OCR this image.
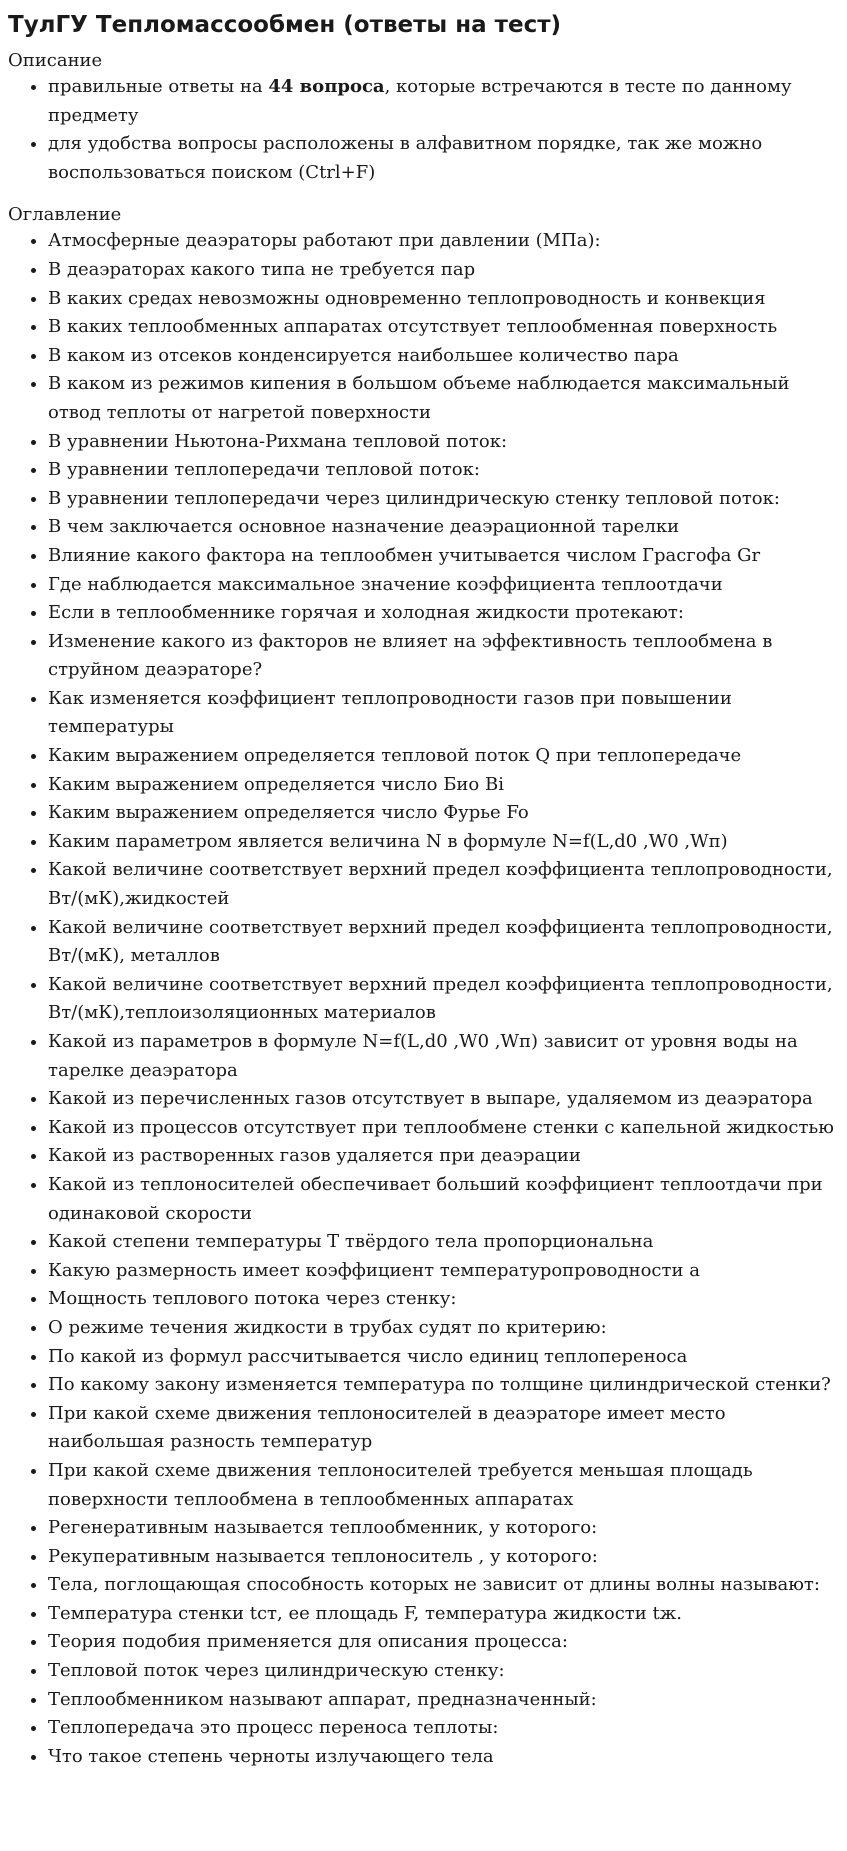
ТулГУ Тепломассообмен (ответы на тест)
Описание
• правильные ответы на 44 вопроса, которые встречаются в тесте по данному предмету
• для удобства вопросы расположены в алфавитном порядке, так же можно воспользоваться поиском (Ctrl+F)
Оглавление
• Атмосферные деаэраторы работают при давлении (МПа):
• В деаэраторах какого типа не требуется пар
• В каких средах невозможны одновременно теплопроводность и конвекция
• В каких теплообменных аппаратах отсутствует теплообменная поверхность
• В каком из отсеков конденсируется наибольшее количество пара
• В каком из режимов кипения в большом объеме наблюдается максимальный отвод теплоты от нагретой поверхности
• В уравнении Ньютона-Рихмана тепловой поток:
• В уравнении теплопередачи тепловой поток:
• В уравнении теплопередачи через цилиндрическую стенку тепловой поток:
• В чем заключается основное назначение деаэрационной тарелки
• Влияние какого фактора на теплообмен учитывается числом Грасгофа Gr
• Где наблюдается максимальное значение коэффициента теплоотдачи
• Если в теплообменнике горячая и холодная жидкости протекают:
• Изменение какого из факторов не влияет на эффективность теплообмена в струйном деаэраторе?
• Как изменяется коэффициент теплопроводности газов при повышении температуры
• Каким выражением определяется тепловой поток Q при теплопередаче
• Каким выражением определяется число Био Bi
• Каким выражением определяется число Фурье Fo
• Каким параметром является величина N в формуле N=f(L,d0 ,W0 ,Wп)
• Какой величине соответствует верхний предел коэффициента теплопроводности, Вт/(мК),жидкостей
• Какой величине соответствует верхний предел коэффициента теплопроводности, Вт/(мК), металлов
• Какой величине соответствует верхний предел коэффициента теплопроводности, Вт/(мК),теплоизоляционных материалов
• Какой из параметров в формуле N=f(L,d0 ,W0 ,Wп) зависит от уровня воды на тарелке деаэратора
• Какой из перечисленных газов отсутствует в выпаре, удаляемом из деаэратора
• Какой из процессов отсутствует при теплообмене стенки с капельной жидкостью
• Какой из растворенных газов удаляется при деаэрации
• Какой из теплоносителей обеспечивает больший коэффициент теплоотдачи при одинаковой скорости
• Какой степени температуры Т твёрдого тела пропорциональна
• Какую размерность имеет коэффициент температуропроводности а
• Мощность теплового потока через стенку:
• О режиме течения жидкости в трубах судят по критерию:
• По какой из формул рассчитывается число единиц теплопереноса
• По какому закону изменяется температура по толщине цилиндрической стенки?
• При какой схеме движения теплоносителей в деаэраторе имеет место наибольшая разность температур
• При какой схеме движения теплоносителей требуется меньшая площадь поверхности теплообмена в теплообменных аппаратах
• Регенеративным называется теплообменник, у которого:
• Рекуперативным называется теплоноситель , у которого:
• Тела, поглощающая способность которых не зависит от длины волны называют:
• Температура стенки tст, ее площадь F, температура жидкости tж.
• Теория подобия применяется для описания процесса:
• Тепловой поток через цилиндрическую стенку:
• Теплообменником называют аппарат, предназначенный:
• Теплопередача это процесс переноса теплоты:
• Что такое степень черноты излучающего тела
